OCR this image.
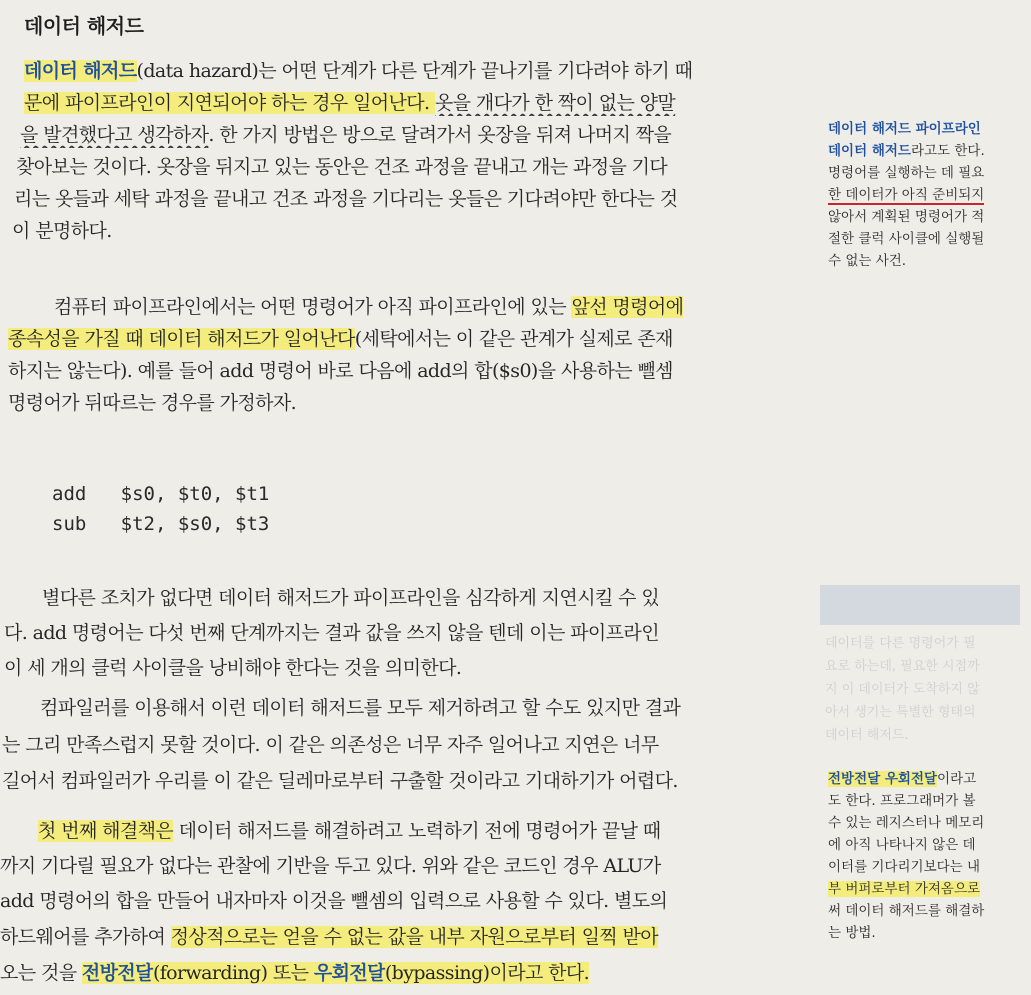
데이터 해저드
데이터 해저드(data hazard)는 어떤 단계가 다른 단계가 끝나기를 기다려야 하기 때
문에 파이프라인이 지연되어야 하는 경우 일어난다. 옷을 개다가 한 짝이 없는 양말
을 발견했다고 생각하자. 한 가지 방법은 방으로 달려가서 옷장을 뒤져 나머지 짝을
찾아보는 것이다. 옷장을 뒤지고 있는 동안은 건조 과정을 끝내고 개는 과정을 기다
리는 옷들과 세탁 과정을 끝내고 건조 과정을 기다리는 옷들은 기다려야만 한다는 것
이 분명하다.
컴퓨터 파이프라인에서는 어떤 명령어가 아직 파이프라인에 있는 앞선 명령어에
종속성을 가질 때 데이터 해저드가 일어난다(세탁에서는 이 같은 관계가 실제로 존재
하지는 않는다). 예를 들어 add 명령어 바로 다음에 add의 합($s0)을 사용하는 뺄셈
명령어가 뒤따르는 경우를 가정하자.
add   $s0, $t0, $t1
sub   $t2, $s0, $t3
별다른 조치가 없다면 데이터 해저드가 파이프라인을 심각하게 지연시킬 수 있
다. add 명령어는 다섯 번째 단계까지는 결과 값을 쓰지 않을 텐데 이는 파이프라인
이 세 개의 클럭 사이클을 낭비해야 한다는 것을 의미한다.
컴파일러를 이용해서 이런 데이터 해저드를 모두 제거하려고 할 수도 있지만 결과
는 그리 만족스럽지 못할 것이다. 이 같은 의존성은 너무 자주 일어나고 지연은 너무
길어서 컴파일러가 우리를 이 같은 딜레마로부터 구출할 것이라고 기대하기가 어렵다.
첫 번째 해결책은 데이터 해저드를 해결하려고 노력하기 전에 명령어가 끝날 때
까지 기다릴 필요가 없다는 관찰에 기반을 두고 있다. 위와 같은 코드인 경우 ALU가
add 명령어의 합을 만들어 내자마자 이것을 뺄셈의 입력으로 사용할 수 있다. 별도의
하드웨어를 추가하여 정상적으로는 얻을 수 없는 값을 내부 자원으로부터 일찍 받아
오는 것을 전방전달(forwarding) 또는 우회전달(bypassing)이라고 한다.
데이터 해저드 파이프라인
데이터 해저드라고도 한다.
명령어를 실행하는 데 필요
한 데이터가 아직 준비되지
않아서 계획된 명령어가 적
절한 클럭 사이클에 실행될
수 없는 사건.
데이터를 다른 명령어가 필
요로 하는데, 필요한 시점까
지 이 데이터가 도착하지 않
아서 생기는 특별한 형태의
데이터 해저드.
전방전달 우회전달이라고
도 한다. 프로그래머가 볼
수 있는 레지스터나 메모리
에 아직 나타나지 않은 데
이터를 기다리기보다는 내
부 버퍼로부터 가져옴으로
써 데이터 해저드를 해결하
는 방법.
